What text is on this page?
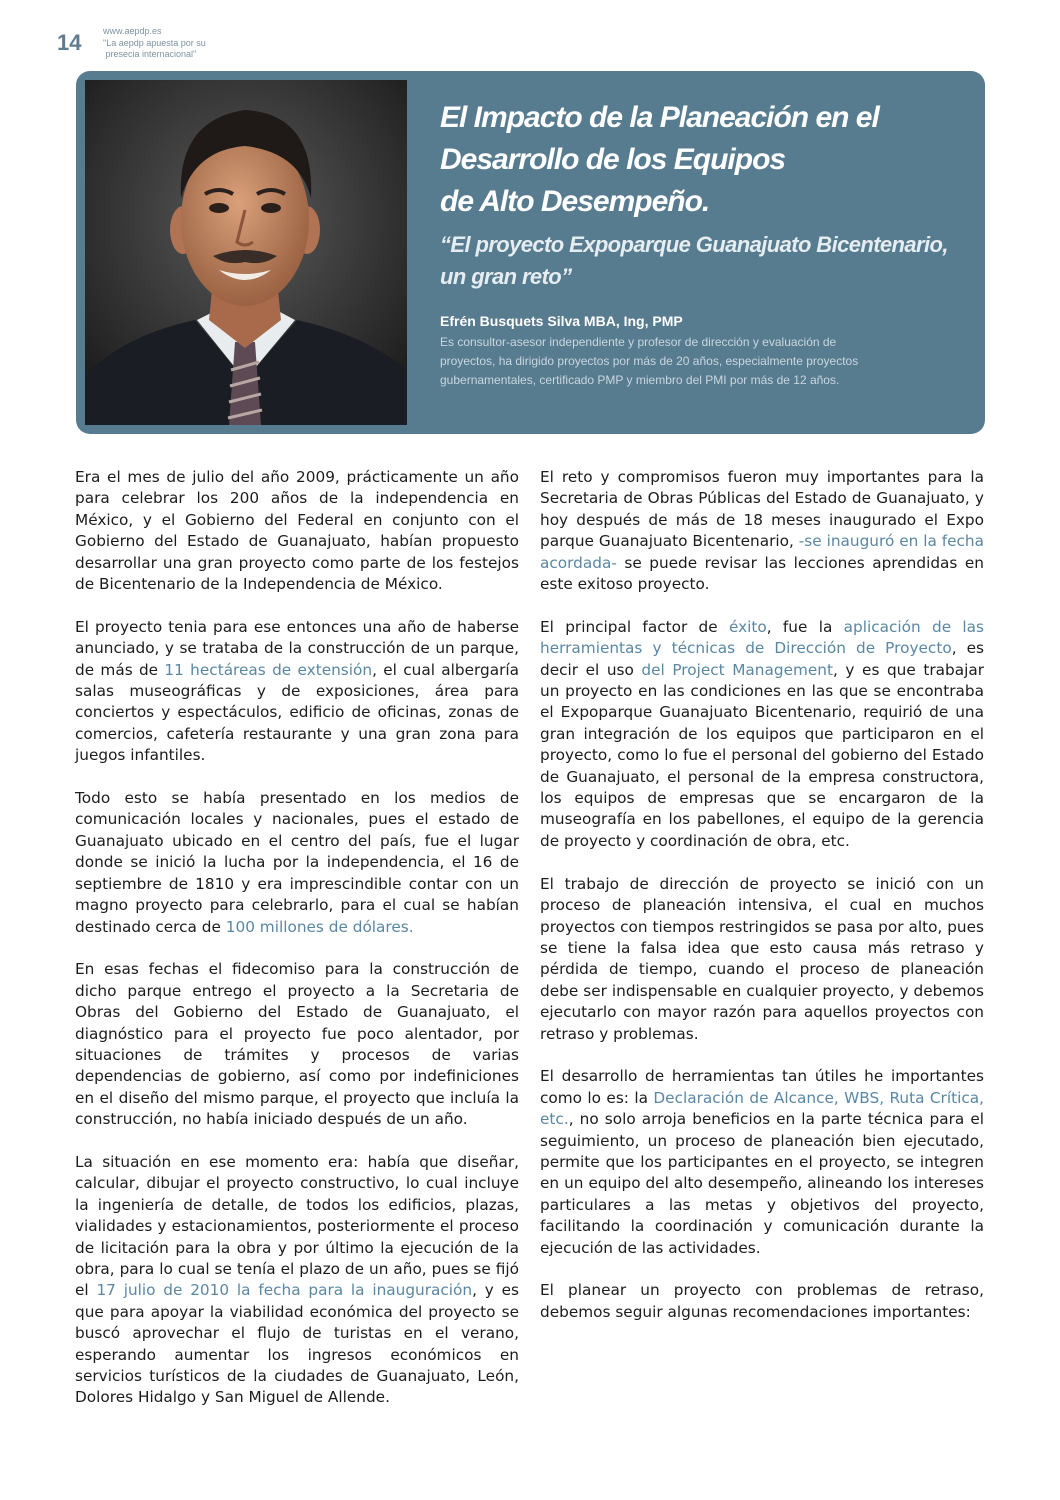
14 www.aepdp.es
"La aepdp apuesta por su
presecia internacional"
El Impacto de la Planeación en el
Desarrollo de los Equipos
de Alto Desempeño.
“El proyecto Expoparque Guanajuato Bicentenario,
un gran reto”
Efrén Busquets Silva MBA, Ing, PMP
Es consultor-asesor independiente y profesor de dirección y evaluación de
proyectos, ha dirigido proyectos por más de 20 años, especialmente proyectos
gubernamentales, certificado PMP y miembro del PMI por más de 12 años.

Era el mes de julio del año 2009, prácticamente un año para celebrar los 200 años de la independencia en México, y el Gobierno del Federal en conjunto con el Gobierno del Estado de Guanajuato, habían propuesto desarrollar una gran proyecto como parte de los festejos de Bicentenario de la Independencia de México.

El proyecto tenia para ese entonces una año de haberse anunciado, y se trataba de la construcción de un parque, de más de 11 hectáreas de extensión, el cual albergaría salas museográficas y de exposiciones, área para conciertos y espectáculos, edificio de oficinas, zonas de comercios, cafetería restaurante y una gran zona para juegos infantiles.

Todo esto se había presentado en los medios de comunicación locales y nacionales, pues el estado de Guanajuato ubicado en el centro del país, fue el lugar donde se inició la lucha por la independencia, el 16 de septiembre de 1810 y era imprescindible contar con un magno proyecto para celebrarlo, para el cual se habían destinado cerca de 100 millones de dólares.

En esas fechas el fidecomiso para la construcción de dicho parque entrego el proyecto a la Secretaria de Obras del Gobierno del Estado de Guanajuato, el diagnóstico para el proyecto fue poco alentador, por situaciones de trámites y procesos de varias dependencias de gobierno, así como por indefiniciones en el diseño del mismo parque, el proyecto que incluía la construcción, no había iniciado después de un año.

La situación en ese momento era: había que diseñar, calcular, dibujar el proyecto constructivo, lo cual incluye la ingeniería de detalle, de todos los edificios, plazas, vialidades y estacionamientos, posteriormente el proceso de licitación para la obra y por último la ejecución de la obra, para lo cual se tenía el plazo de un año, pues se fijó el 17 julio de 2010 la fecha para la inauguración, y es que para apoyar la viabilidad económica del proyecto se buscó aprovechar el flujo de turistas en el verano, esperando aumentar los ingresos económicos en servicios turísticos de la ciudades de Guanajuato, León, Dolores Hidalgo y San Miguel de Allende.

El reto y compromisos fueron muy importantes para la Secretaria de Obras Públicas del Estado de Guanajuato, y hoy después de más de 18 meses inaugurado el Expo parque Guanajuato Bicentenario, -se inauguró en la fecha acordada- se puede revisar las lecciones aprendidas en este exitoso proyecto.

El principal factor de éxito, fue la aplicación de las herramientas y técnicas de Dirección de Proyecto, es decir el uso del Project Management, y es que trabajar un proyecto en las condiciones en las que se encontraba el Expoparque Guanajuato Bicentenario, requirió de una gran integración de los equipos que participaron en el proyecto, como lo fue el personal del gobierno del Estado de Guanajuato, el personal de la empresa constructora, los equipos de empresas que se encargaron de la museografía en los pabellones, el equipo de la gerencia de proyecto y coordinación de obra, etc.

El trabajo de dirección de proyecto se inició con un proceso de planeación intensiva, el cual en muchos proyectos con tiempos restringidos se pasa por alto, pues se tiene la falsa idea que esto causa más retraso y pérdida de tiempo, cuando el proceso de planeación debe ser indispensable en cualquier proyecto, y debemos ejecutarlo con mayor razón para aquellos proyectos con retraso y problemas.

El desarrollo de herramientas tan útiles he importantes como lo es: la Declaración de Alcance, WBS, Ruta Crítica, etc., no solo arroja beneficios en la parte técnica para el seguimiento, un proceso de planeación bien ejecutado, permite que los participantes en el proyecto, se integren en un equipo del alto desempeño, alineando los intereses particulares a las metas y objetivos del proyecto, facilitando la coordinación y comunicación durante la ejecución de las actividades.

El planear un proyecto con problemas de retraso, debemos seguir algunas recomendaciones importantes:
